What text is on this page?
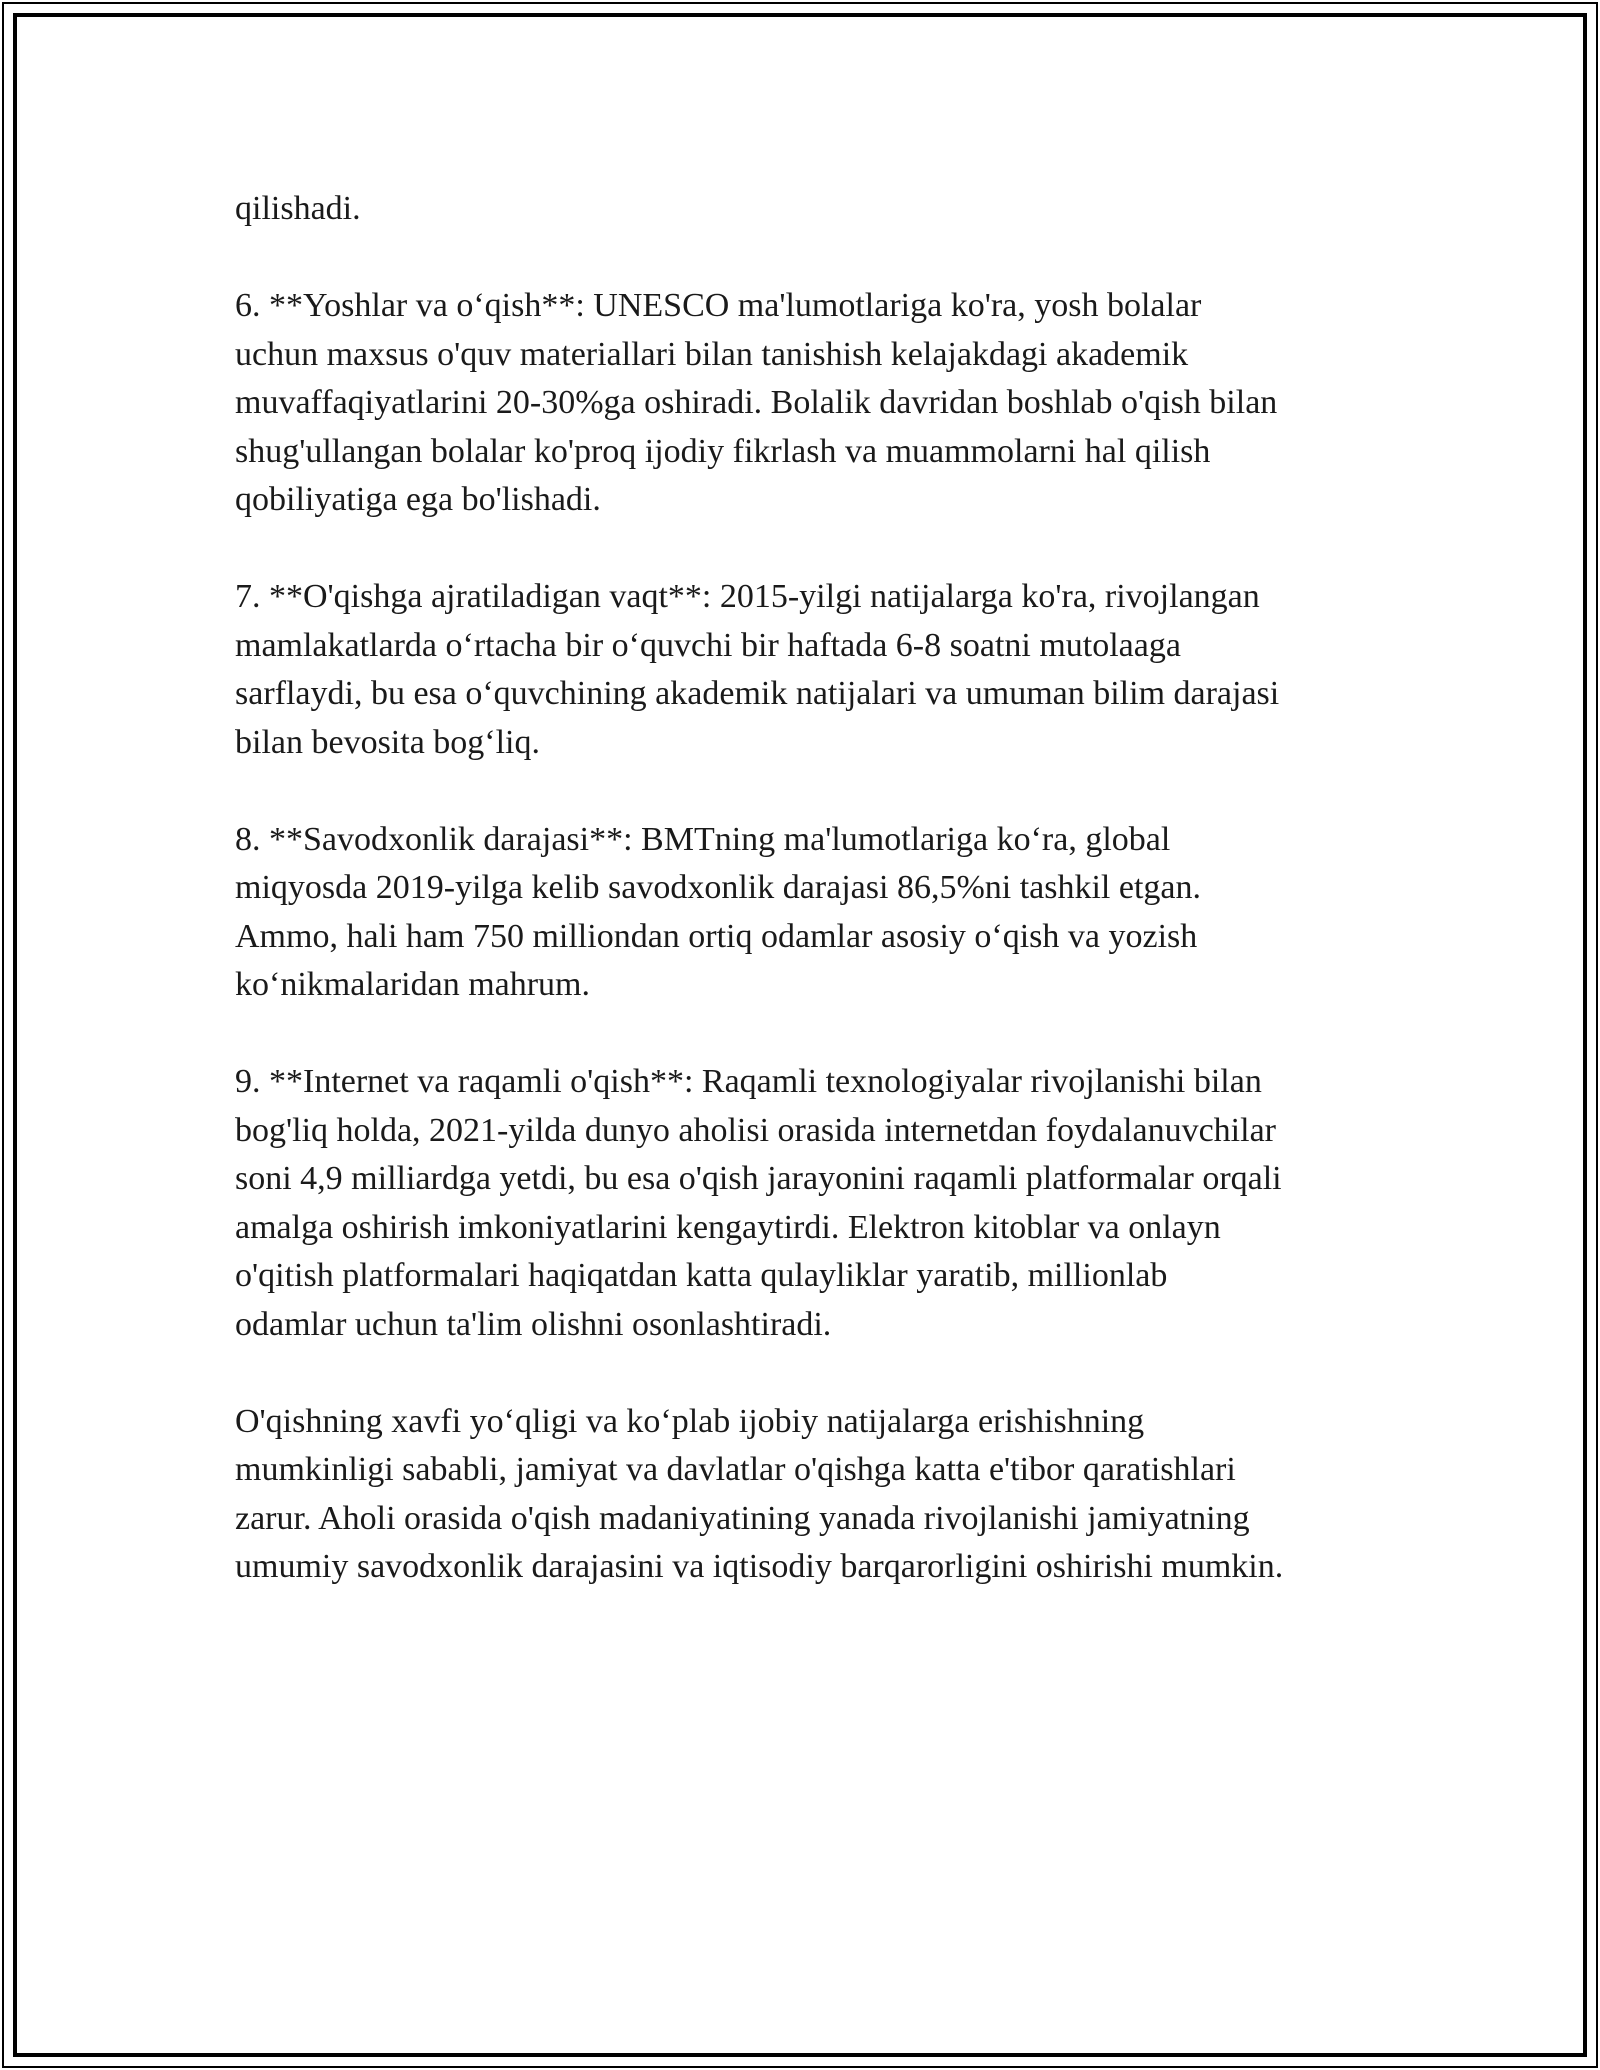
qilishadi.

6. **Yoshlar va o‘qish**: UNESCO ma'lumotlariga ko'ra, yosh bolalar
uchun maxsus o'quv materiallari bilan tanishish kelajakdagi akademik
muvaffaqiyatlarini 20-30%ga oshiradi. Bolalik davridan boshlab o'qish bilan
shug'ullangan bolalar ko'proq ijodiy fikrlash va muammolarni hal qilish
qobiliyatiga ega bo'lishadi.

7. **O'qishga ajratiladigan vaqt**: 2015-yilgi natijalarga ko'ra, rivojlangan
mamlakatlarda o‘rtacha bir o‘quvchi bir haftada 6-8 soatni mutolaaga
sarflaydi, bu esa o‘quvchining akademik natijalari va umuman bilim darajasi
bilan bevosita bog‘liq.

8. **Savodxonlik darajasi**: BMTning ma'lumotlariga ko‘ra, global
miqyosda 2019-yilga kelib savodxonlik darajasi 86,5%ni tashkil etgan.
Ammo, hali ham 750 milliondan ortiq odamlar asosiy o‘qish va yozish
ko‘nikmalaridan mahrum.

9. **Internet va raqamli o'qish**: Raqamli texnologiyalar rivojlanishi bilan
bog'liq holda, 2021-yilda dunyo aholisi orasida internetdan foydalanuvchilar
soni 4,9 milliardga yetdi, bu esa o'qish jarayonini raqamli platformalar orqali
amalga oshirish imkoniyatlarini kengaytirdi. Elektron kitoblar va onlayn
o'qitish platformalari haqiqatdan katta qulayliklar yaratib, millionlab
odamlar uchun ta'lim olishni osonlashtiradi.

O'qishning xavfi yo‘qligi va ko‘plab ijobiy natijalarga erishishning
mumkinligi sababli, jamiyat va davlatlar o'qishga katta e'tibor qaratishlari
zarur. Aholi orasida o'qish madaniyatining yanada rivojlanishi jamiyatning
umumiy savodxonlik darajasini va iqtisodiy barqarorligini oshirishi mumkin.
